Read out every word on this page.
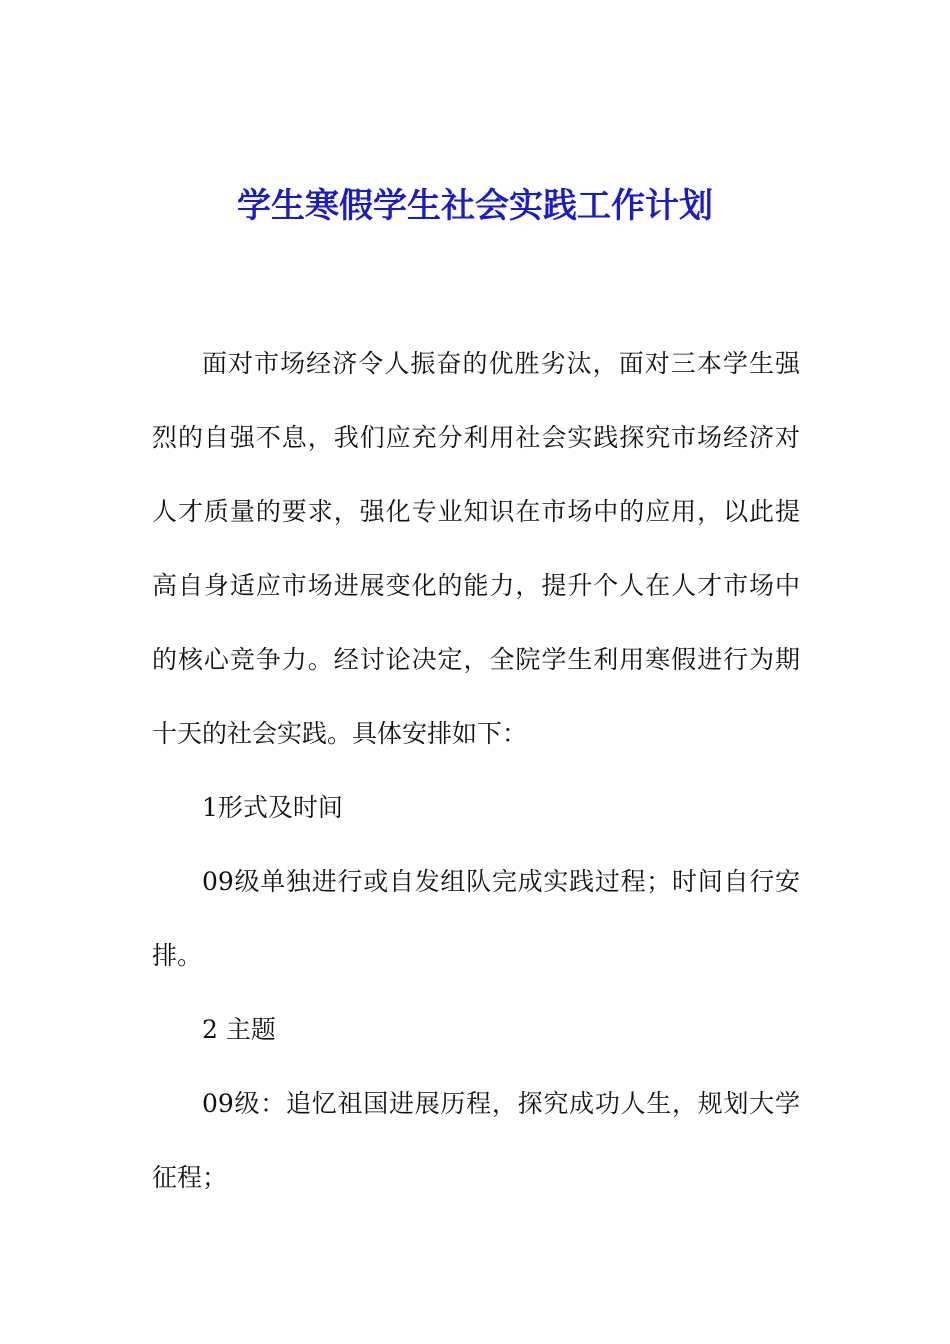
学生寒假学生社会实践工作计划

面对市场经济令人振奋的优胜劣汰，面对三本学生强烈的自强不息，我们应充分利用社会实践探究市场经济对人才质量的要求，强化专业知识在市场中的应用，以此提高自身适应市场进展变化的能力，提升个人在人才市场中的核心竞争力。经讨论决定，全院学生利用寒假进行为期十天的社会实践。具体安排如下：

1形式及时间

09级单独进行或自发组队完成实践过程；时间自行安排。

2 主题

09级：追忆祖国进展历程，探究成功人生，规划大学征程；
